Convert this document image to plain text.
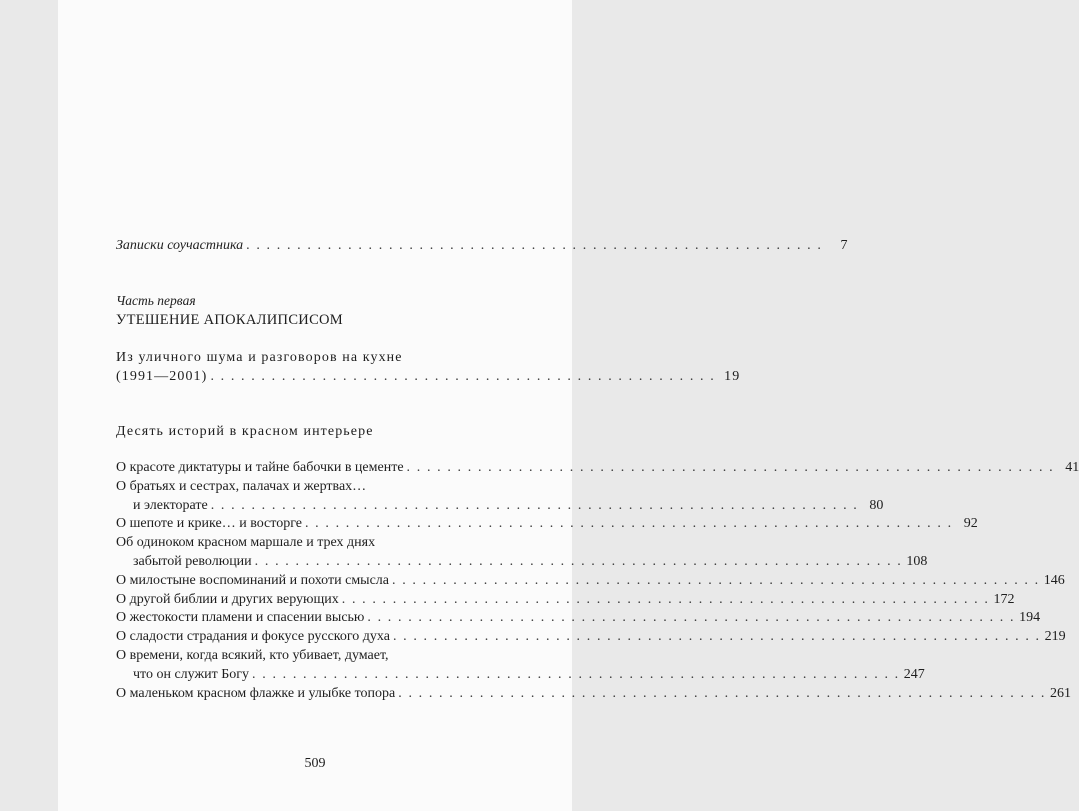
Записки соучастника . . . . . . . . . . . . . . . . . . . . . . . . . . . . . . . . . . . . . . . . . . . . . . . . . . . . . . . . .	7
Часть первая
УТЕШЕНИЕ АПОКАЛИПСИСОМ
Из уличного шума и разговоров на кухне
(1991—2001) . . . . . . . . . . . . . . . . . . . . . . . . . . . . . . . . . . . . . . . . . . . . . . . . . . 19
Десять историй в красном интерьере
О красоте диктатуры и тайне бабочки в цементе . . . . . . . . . . . . . . . . . . . . . . . . . . . . . . . . . . . . . . . . . . . . . . . . . . . . . . . . . . . . . . . . 41
О братьях и сестрах, палачах и жертвах…
и электорате . . . . . . . . . . . . . . . . . . . . . . . . . . . . . . . . . . . . . . . . . . . . . . . . . . . . . . . . . . . . . . . . 80
О шепоте и крике… и восторге . . . . . . . . . . . . . . . . . . . . . . . . . . . . . . . . . . . . . . . . . . . . . . . . . . . . . . . . . . . . . . . . 92
Об одиноком красном маршале и трех днях
забытой революции . . . . . . . . . . . . . . . . . . . . . . . . . . . . . . . . . . . . . . . . . . . . . . . . . . . . . . . . . . . . . . . . 108
О милостыне воспоминаний и похоти смысла . . . . . . . . . . . . . . . . . . . . . . . . . . . . . . . . . . . . . . . . . . . . . . . . . . . . . . . . . . . . . . . . 146
О другой библии и других верующих . . . . . . . . . . . . . . . . . . . . . . . . . . . . . . . . . . . . . . . . . . . . . . . . . . . . . . . . . . . . . . . . 172
О жестокости пламени и спасении высью . . . . . . . . . . . . . . . . . . . . . . . . . . . . . . . . . . . . . . . . . . . . . . . . . . . . . . . . . . . . . . . . 194
О сладости страдания и фокусе русского духа . . . . . . . . . . . . . . . . . . . . . . . . . . . . . . . . . . . . . . . . . . . . . . . . . . . . . . . . . . . . . . . . 219
О времени, когда всякий, кто убивает, думает,
что он служит Богу . . . . . . . . . . . . . . . . . . . . . . . . . . . . . . . . . . . . . . . . . . . . . . . . . . . . . . . . . . . . . . . . 247
О маленьком красном флажке и улыбке топора . . . . . . . . . . . . . . . . . . . . . . . . . . . . . . . . . . . . . . . . . . . . . . . . . . . . . . . . . . . . . . . . 261
509
